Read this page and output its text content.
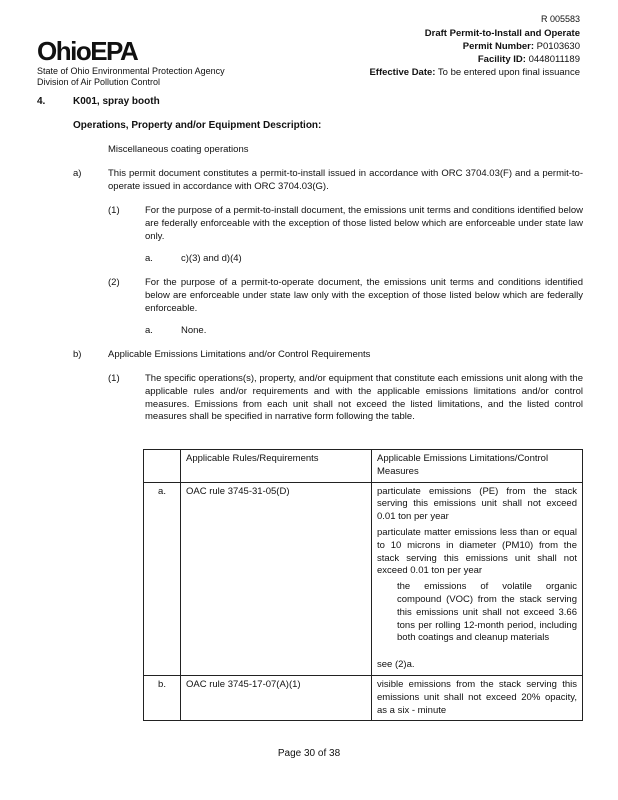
R 005583
OhioEPA
State of Ohio Environmental Protection Agency
Division of Air Pollution Control
Draft Permit-to-Install and Operate
Permit Number: P0103630
Facility ID: 0448011189
Effective Date: To be entered upon final issuance
4.	K001, spray booth
Operations, Property and/or Equipment Description:
Miscellaneous coating operations
a)	This permit document constitutes a permit-to-install issued in accordance with ORC 3704.03(F) and a permit-to-operate issued in accordance with ORC 3704.03(G).
(1)	For the purpose of a permit-to-install document, the emissions unit terms and conditions identified below are federally enforceable with the exception of those listed below which are enforceable under state law only.
a.	c)(3) and d)(4)
(2)	For the purpose of a permit-to-operate document, the emissions unit terms and conditions identified below are enforceable under state law only with the exception of those listed below which are federally enforceable.
a.	None.
b)	Applicable Emissions Limitations and/or Control Requirements
(1)	The specific operations(s), property, and/or equipment that constitute each emissions unit along with the applicable rules and/or requirements and with the applicable emissions limitations and/or control measures. Emissions from each unit shall not exceed the listed limitations, and the listed control measures shall be specified in narrative form following the table.
	Applicable Rules/Requirements	Applicable Emissions Limitations/Control Measures
a.	OAC rule 3745-31-05(D)	particulate emissions (PE) from the stack serving this emissions unit shall not exceed 0.01 ton per year
particulate matter emissions less than or equal to 10 microns in diameter (PM10) from the stack serving this emissions unit shall not exceed 0.01 ton per year
the emissions of volatile organic compound (VOC) from the stack serving this emissions unit shall not exceed 3.66 tons per rolling 12-month period, including both coatings and cleanup materials
see (2)a.

b.	OAC rule 3745-17-07(A)(1)	visible emissions from the stack serving this emissions unit shall not exceed 20% opacity, as a six - minute
Page 30 of 38
